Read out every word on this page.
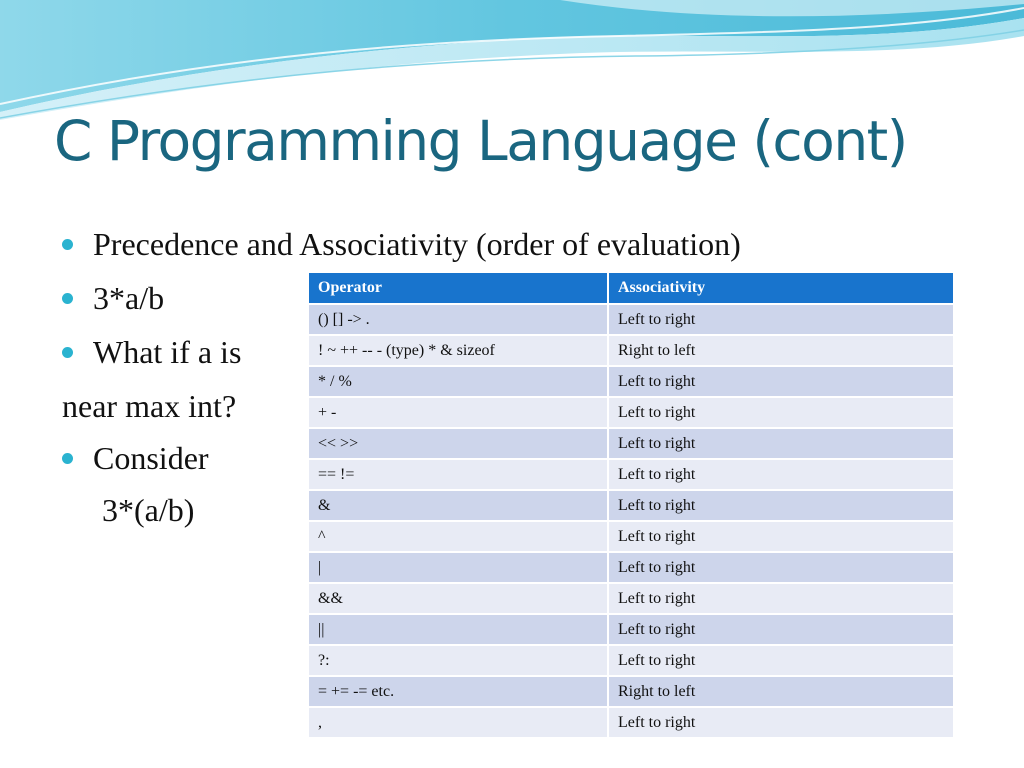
C Programming Language (cont)
Precedence and Associativity (order of evaluation)
3*a/b
What if a is
near max int?
Consider
3*(a/b)
Operator	Associativity
() [] -> .	Left to right
! ~ ++ -- - (type) * & sizeof	Right to left
* / %	Left to right
+ -	Left to right
<< >>	Left to right
== !=	Left to right
&	Left to right
^	Left to right
|	Left to right
&&	Left to right
||	Left to right
?:	Left to right
= += -= etc.	Right to left
,	Left to right
